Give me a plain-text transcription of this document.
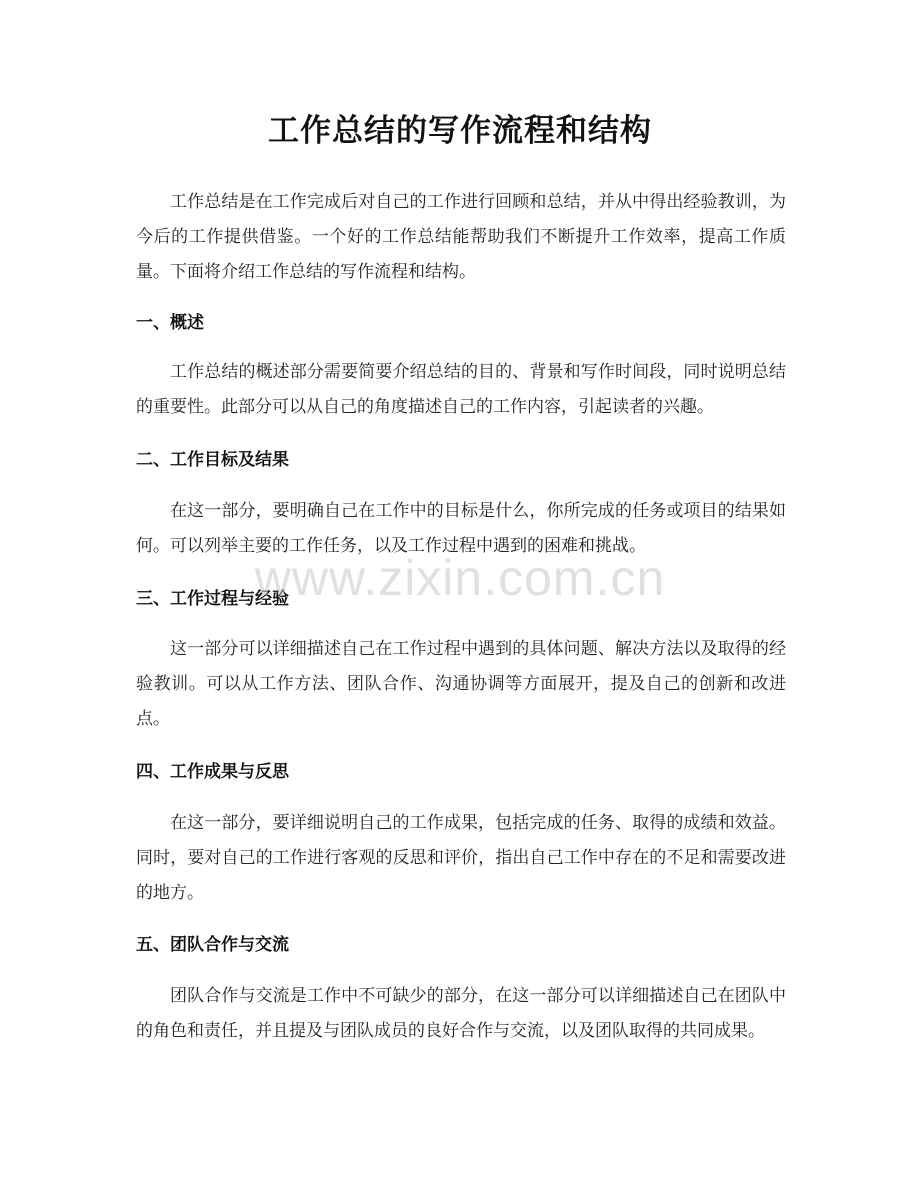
工作总结的写作流程和结构

工作总结是在工作完成后对自己的工作进行回顾和总结，并从中得出经验教训，为今后的工作提供借鉴。一个好的工作总结能帮助我们不断提升工作效率，提高工作质量。下面将介绍工作总结的写作流程和结构。

一、概述

工作总结的概述部分需要简要介绍总结的目的、背景和写作时间段，同时说明总结的重要性。此部分可以从自己的角度描述自己的工作内容，引起读者的兴趣。

二、工作目标及结果

在这一部分，要明确自己在工作中的目标是什么，你所完成的任务或项目的结果如何。可以列举主要的工作任务，以及工作过程中遇到的困难和挑战。

三、工作过程与经验

这一部分可以详细描述自己在工作过程中遇到的具体问题、解决方法以及取得的经验教训。可以从工作方法、团队合作、沟通协调等方面展开，提及自己的创新和改进点。

四、工作成果与反思

在这一部分，要详细说明自己的工作成果，包括完成的任务、取得的成绩和效益。同时，要对自己的工作进行客观的反思和评价，指出自己工作中存在的不足和需要改进的地方。

五、团队合作与交流

团队合作与交流是工作中不可缺少的部分，在这一部分可以详细描述自己在团队中的角色和责任，并且提及与团队成员的良好合作与交流，以及团队取得的共同成果。

www.zixin.com.cn
